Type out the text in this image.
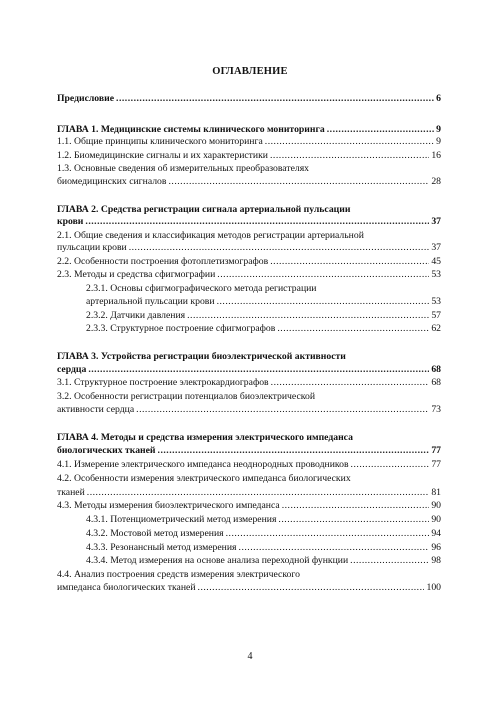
ОГЛАВЛЕНИЕ
Предисловие .....	6
ГЛАВА 1. Медицинские системы клинического мониторинга .....	9
1.1. Общие принципы клинического мониторинга .....	9
1.2. Биомедицинские сигналы и их характеристики .....	16
1.3. Основные сведения об измерительных преобразователях
биомедицинских сигналов .....	28
ГЛАВА 2. Средства регистрации сигнала артериальной пульсации
крови .....	37
2.1. Общие сведения и классификация методов регистрации артериальной
пульсации крови .....	37
2.2. Особенности построения фотоплетизмографов .....	45
2.3. Методы и средства сфигмографии .....	53
2.3.1. Основы сфигмографического метода регистрации
артериальной пульсации крови .....	53
2.3.2. Датчики давления .....	57
2.3.3. Структурное построение сфигмографов .....	62
ГЛАВА 3. Устройства регистрации биоэлектрической активности
сердца .....	68
3.1. Структурное построение электрокардиографов .....	68
3.2. Особенности регистрации потенциалов биоэлектрической
активности сердца .....	73
ГЛАВА 4. Методы и средства измерения электрического импеданса
биологических тканей .....	77
4.1. Измерение электрического импеданса неоднородных проводников .....	77
4.2. Особенности измерения электрического импеданса биологических
тканей .....	81
4.3. Методы измерения биоэлектрического импеданса .....	90
4.3.1. Потенциометрический метод измерения .....	90
4.3.2. Мостовой метод измерения .....	94
4.3.3. Резонансный метод измерения .....	96
4.3.4. Метод измерения на основе анализа переходной функции .....	98
4.4. Анализ построения средств измерения электрического
импеданса биологических тканей .....	100
4
